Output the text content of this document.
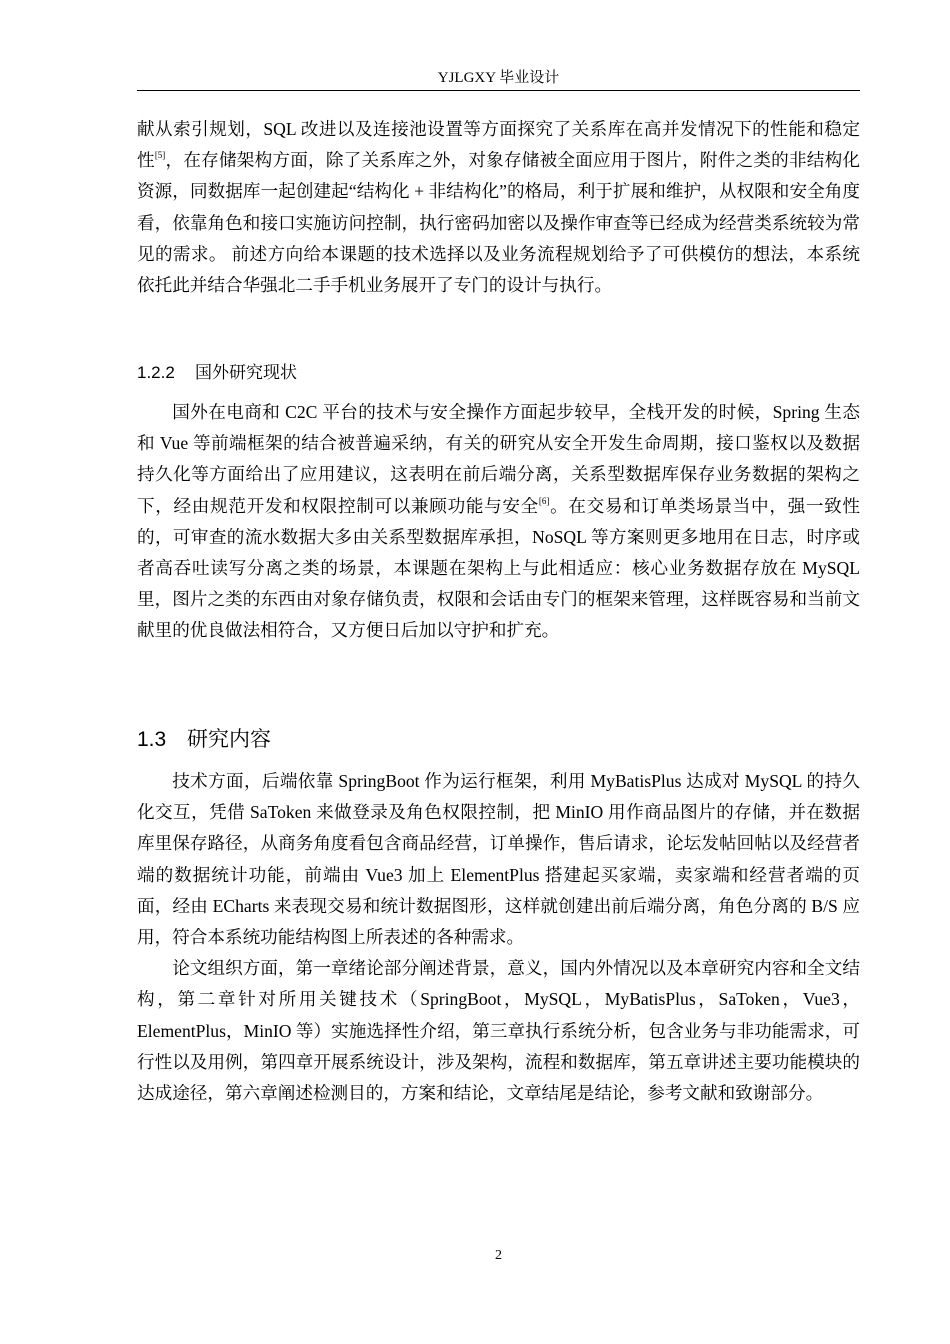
YJLGXY 毕业设计

献从索引规划，SQL 改进以及连接池设置等方面探究了关系库在高并发情况下的性能和稳定性[5]，在存储架构方面，除了关系库之外，对象存储被全面应用于图片，附件之类的非结构化资源，同数据库一起创建起“结构化 + 非结构化”的格局，利于扩展和维护，从权限和安全角度看，依靠角色和接口实施访问控制，执行密码加密以及操作审查等已经成为经营类系统较为常见的需求。 前述方向给本课题的技术选择以及业务流程规划给予了可供模仿的想法，本系统依托此并结合华强北二手手机业务展开了专门的设计与执行。

1.2.2 国外研究现状

国外在电商和 C2C 平台的技术与安全操作方面起步较早，全栈开发的时候，Spring 生态和 Vue 等前端框架的结合被普遍采纳，有关的研究从安全开发生命周期，接口鉴权以及数据持久化等方面给出了应用建议，这表明在前后端分离，关系型数据库保存业务数据的架构之下，经由规范开发和权限控制可以兼顾功能与安全[6]。在交易和订单类场景当中，强一致性的，可审查的流水数据大多由关系型数据库承担，NoSQL 等方案则更多地用在日志，时序或者高吞吐读写分离之类的场景，本课题在架构上与此相适应：核心业务数据存放在 MySQL 里，图片之类的东西由对象存储负责，权限和会话由专门的框架来管理，这样既容易和当前文献里的优良做法相符合，又方便日后加以守护和扩充。

1.3 研究内容

技术方面，后端依靠 SpringBoot 作为运行框架，利用 MyBatisPlus 达成对 MySQL 的持久化交互，凭借 SaToken 来做登录及角色权限控制，把 MinIO 用作商品图片的存储，并在数据库里保存路径，从商务角度看包含商品经营，订单操作，售后请求，论坛发帖回帖以及经营者端的数据统计功能，前端由 Vue3 加上 ElementPlus 搭建起买家端，卖家端和经营者端的页面，经由 ECharts 来表现交易和统计数据图形，这样就创建出前后端分离，角色分离的 B/S 应用，符合本系统功能结构图上所表述的各种需求。

论文组织方面，第一章绪论部分阐述背景，意义，国内外情况以及本章研究内容和全文结构，第二章针对所用关键技术（SpringBoot，MySQL，MyBatisPlus，SaToken，Vue3，ElementPlus，MinIO 等）实施选择性介绍，第三章执行系统分析，包含业务与非功能需求，可行性以及用例，第四章开展系统设计，涉及架构，流程和数据库，第五章讲述主要功能模块的达成途径，第六章阐述检测目的，方案和结论，文章结尾是结论，参考文献和致谢部分。

2
